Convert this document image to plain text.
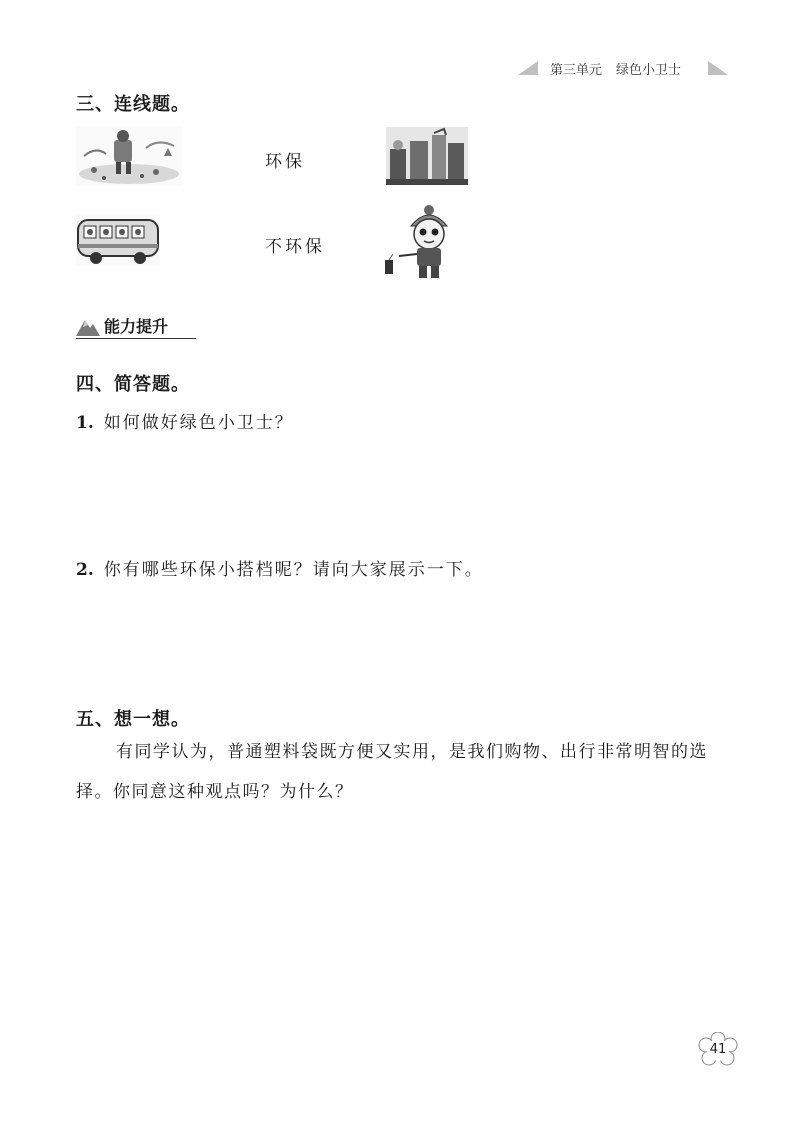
第三单元 绿色小卫士
三、连线题。
环保
不环保
能力提升
四、简答题。
1. 如何做好绿色小卫士？
2. 你有哪些环保小搭档呢？请向大家展示一下。
五、想一想。
有同学认为，普通塑料袋既方便又实用，是我们购物、出行非常明智的选择。你同意这种观点吗？为什么？
41
